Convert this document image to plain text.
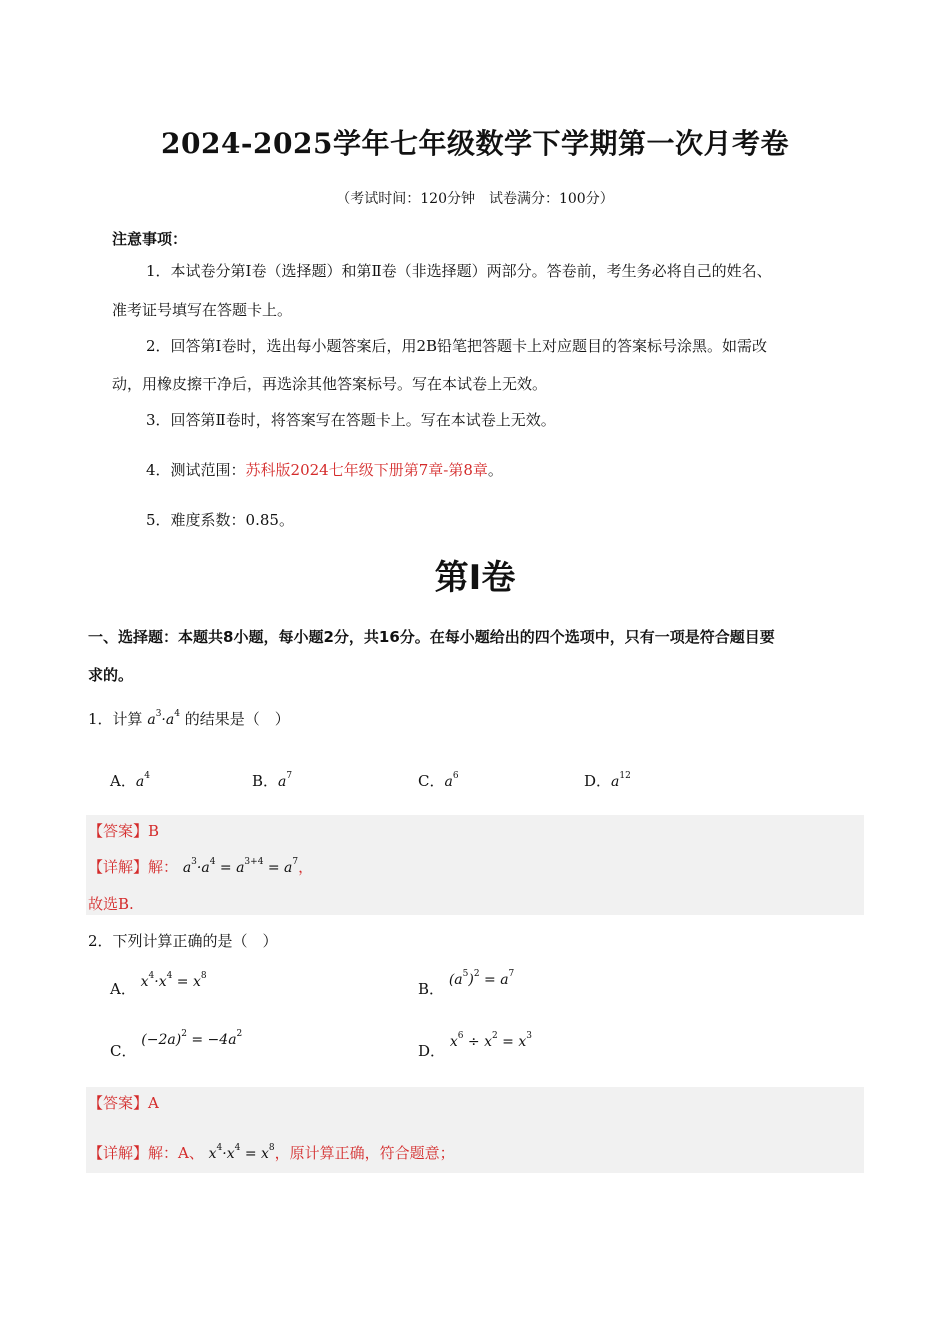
2024-2025学年七年级数学下学期第一次月考卷
（考试时间：120分钟　试卷满分：100分）
注意事项：
1．本试卷分第Ⅰ卷（选择题）和第Ⅱ卷（非选择题）两部分。答卷前，考生务必将自己的姓名、
准考证号填写在答题卡上。
2．回答第Ⅰ卷时，选出每小题答案后，用2B铅笔把答题卡上对应题目的答案标号涂黑。如需改
动，用橡皮擦干净后，再选涂其他答案标号。写在本试卷上无效。
3．回答第Ⅱ卷时，将答案写在答题卡上。写在本试卷上无效。
4．测试范围：苏科版2024七年级下册第7章-第8章。
5．难度系数：0.85。
第Ⅰ卷
一、选择题：本题共8小题，每小题2分，共16分。在每小题给出的四个选项中，只有一项是符合题目要
求的。
1．计算 $a^3\cdot a^4$ 的结果是（　）
A．$a^4$	B．$a^7$	C．$a^6$	D．$a^{12}$
【答案】B
【详解】解： $a^3\cdot a^4 = a^{3+4} = a^7$，
故选B.
2．下列计算正确的是（　）
A． $x^4\cdot x^4 = x^8$
B． $(a^5)^2 = a^7$
C． $(-2a)^2 = -4a^2$
D． $x^6 \div x^2 = x^3$
【答案】A
【详解】解：A、 $x^4\cdot x^4 = x^8$，原计算正确，符合题意；
